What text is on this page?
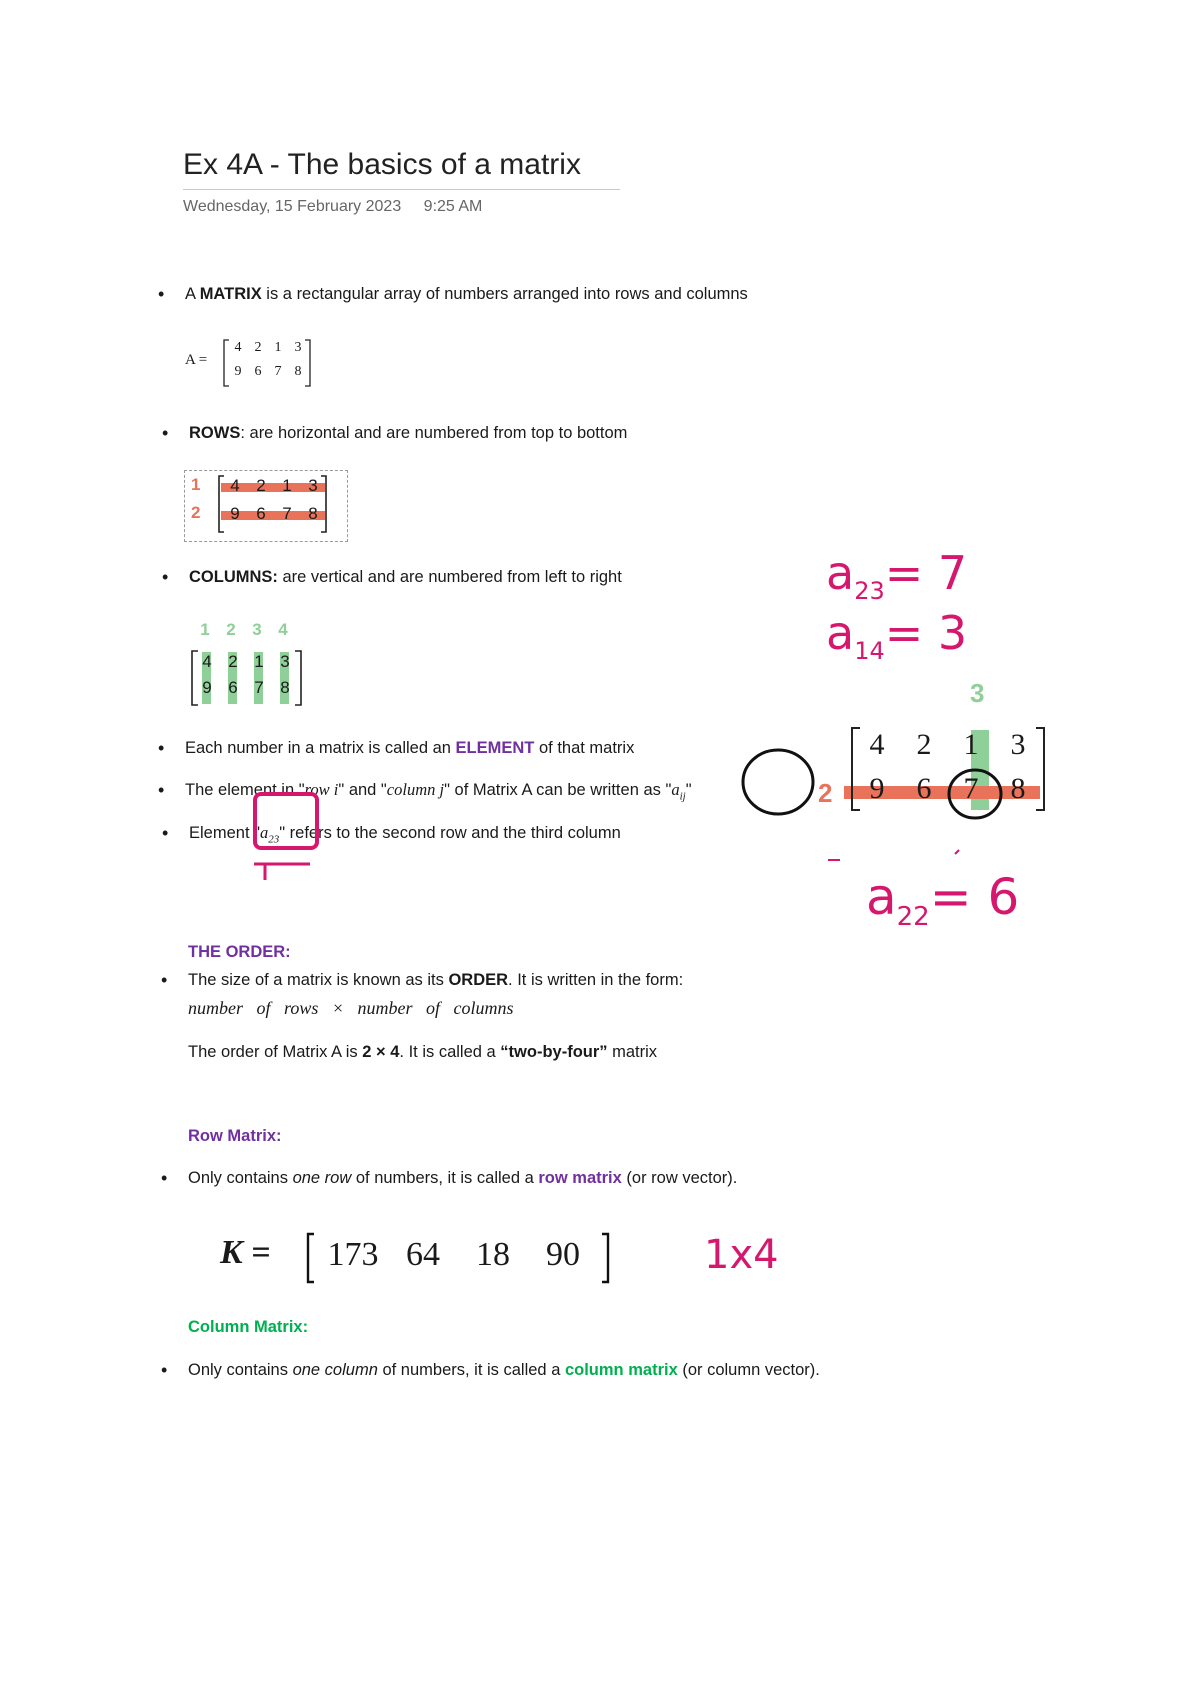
Ex 4A - The basics of a matrix
Wednesday, 15 February 2023 9:25 AM
• A MATRIX is a rectangular array of numbers arranged into rows and columns
A =
4 2 1 3
9 6 7 8
• ROWS: are horizontal and are numbered from top to bottom
1
2
4 2 1 3
9 6 7 8
• COLUMNS: are vertical and are numbered from left to right
1 2 3 4
4 2 1 3
9 6 7 8
• Each number in a matrix is called an ELEMENT of that matrix
• The element in "row i" and "column j" of Matrix A can be written as "$a_{ij}$"
• Element "$a_{23}$" refers to the second row and the third column
4 2 1 3
9 6 7 8
3
2
$a_{23}= 7$
$a_{14}= 3$
$a_{22}= 6$
1x4
THE ORDER:
• The size of a matrix is known as its ORDER. It is written in the form:
number   of   rows   ×   number   of   columns
The order of Matrix A is 2 × 4. It is called a “two-by-four” matrix
Row Matrix:
• Only contains one row of numbers, it is called a row matrix (or row vector).
K = 173 64	18	90
Column Matrix:
• Only contains one column of numbers, it is called a column matrix (or column vector).
